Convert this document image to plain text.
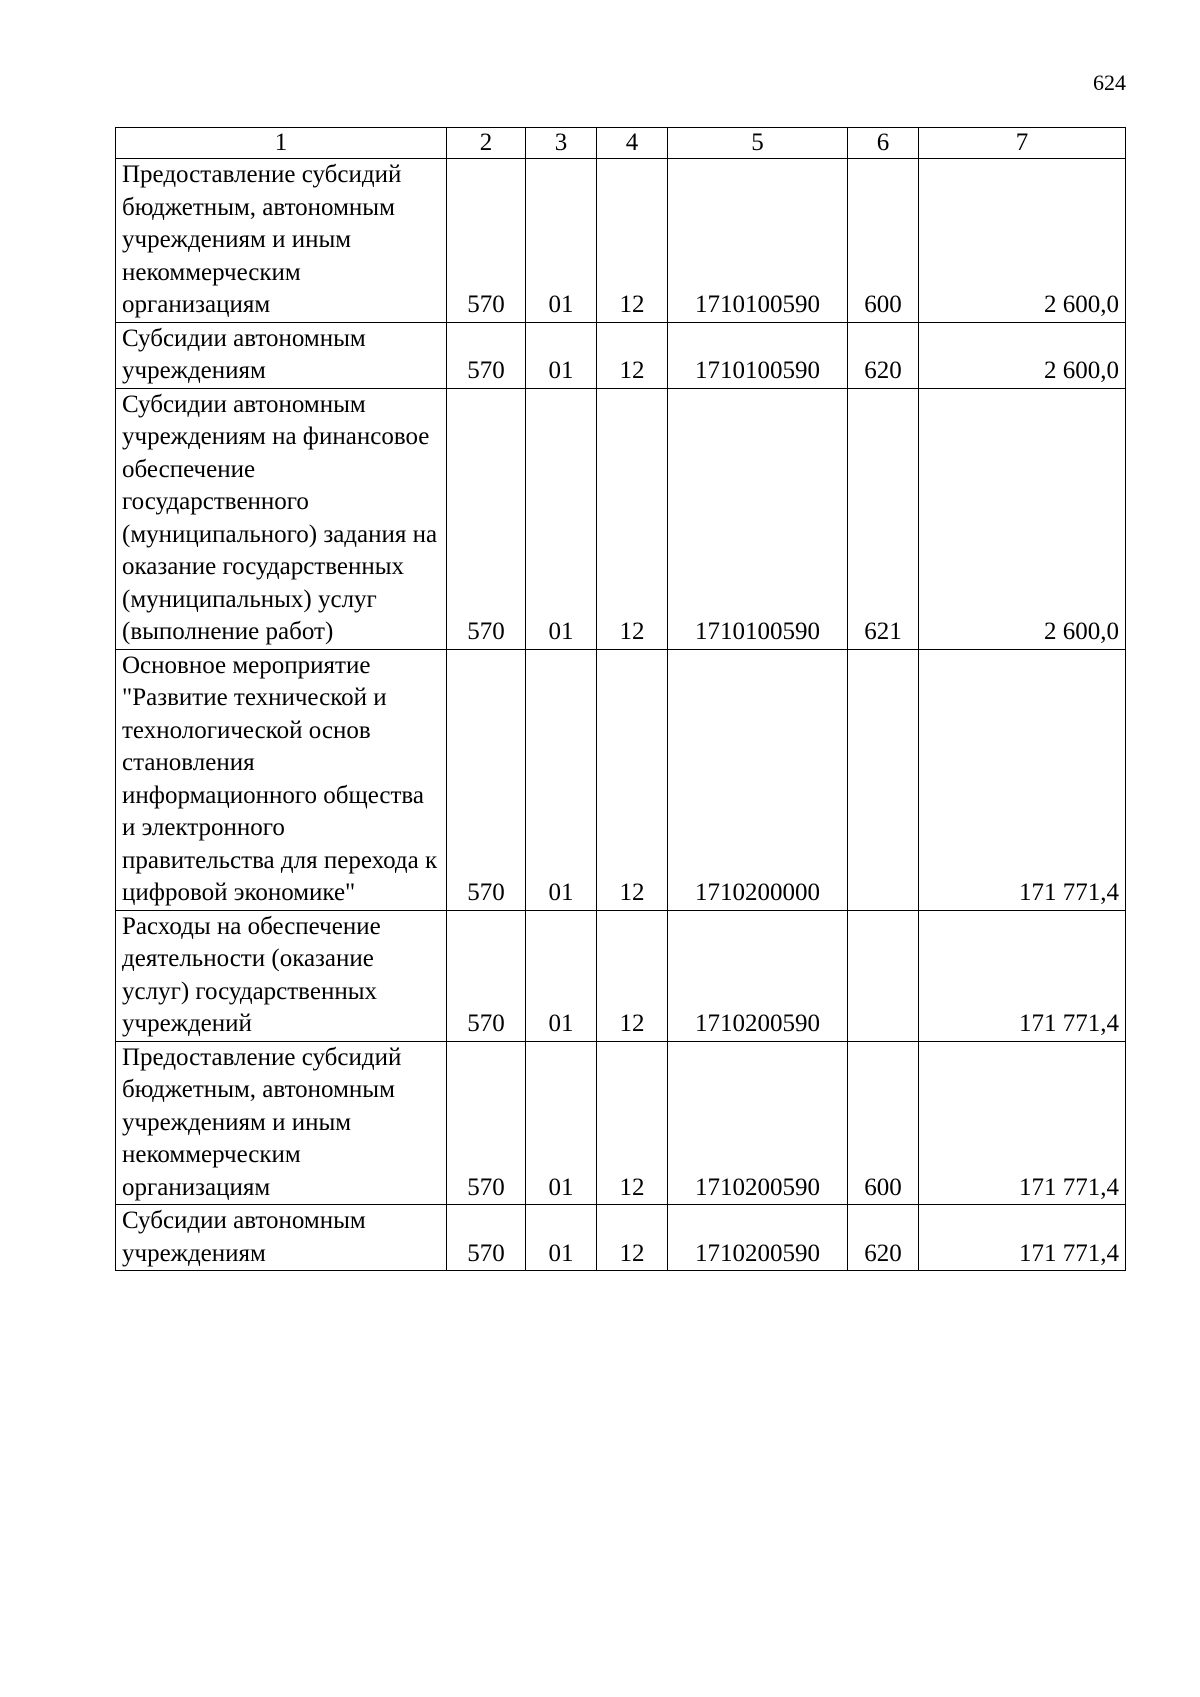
624
1	2	3	4	5	6	7
Предоставление субсидий бюджетным, автономным учреждениям и иным некоммерческим организациям	570	01	12	1710100590	600	2 600,0
Субсидии автономным учреждениям	570	01	12	1710100590	620	2 600,0
Субсидии автономным учреждениям на финансовое обеспечение государственного (муниципального) задания на оказание государственных (муниципальных) услуг (выполнение работ)	570	01	12	1710100590	621	2 600,0
Основное мероприятие "Развитие технической и технологической основ становления информационного общества и электронного правительства для перехода к цифровой экономике"	570	01	12	1710200000		171 771,4
Расходы на обеспечение деятельности (оказание услуг) государственных учреждений	570	01	12	1710200590		171 771,4
Предоставление субсидий бюджетным, автономным учреждениям и иным некоммерческим организациям	570	01	12	1710200590	600	171 771,4
Субсидии автономным учреждениям	570	01	12	1710200590	620	171 771,4
